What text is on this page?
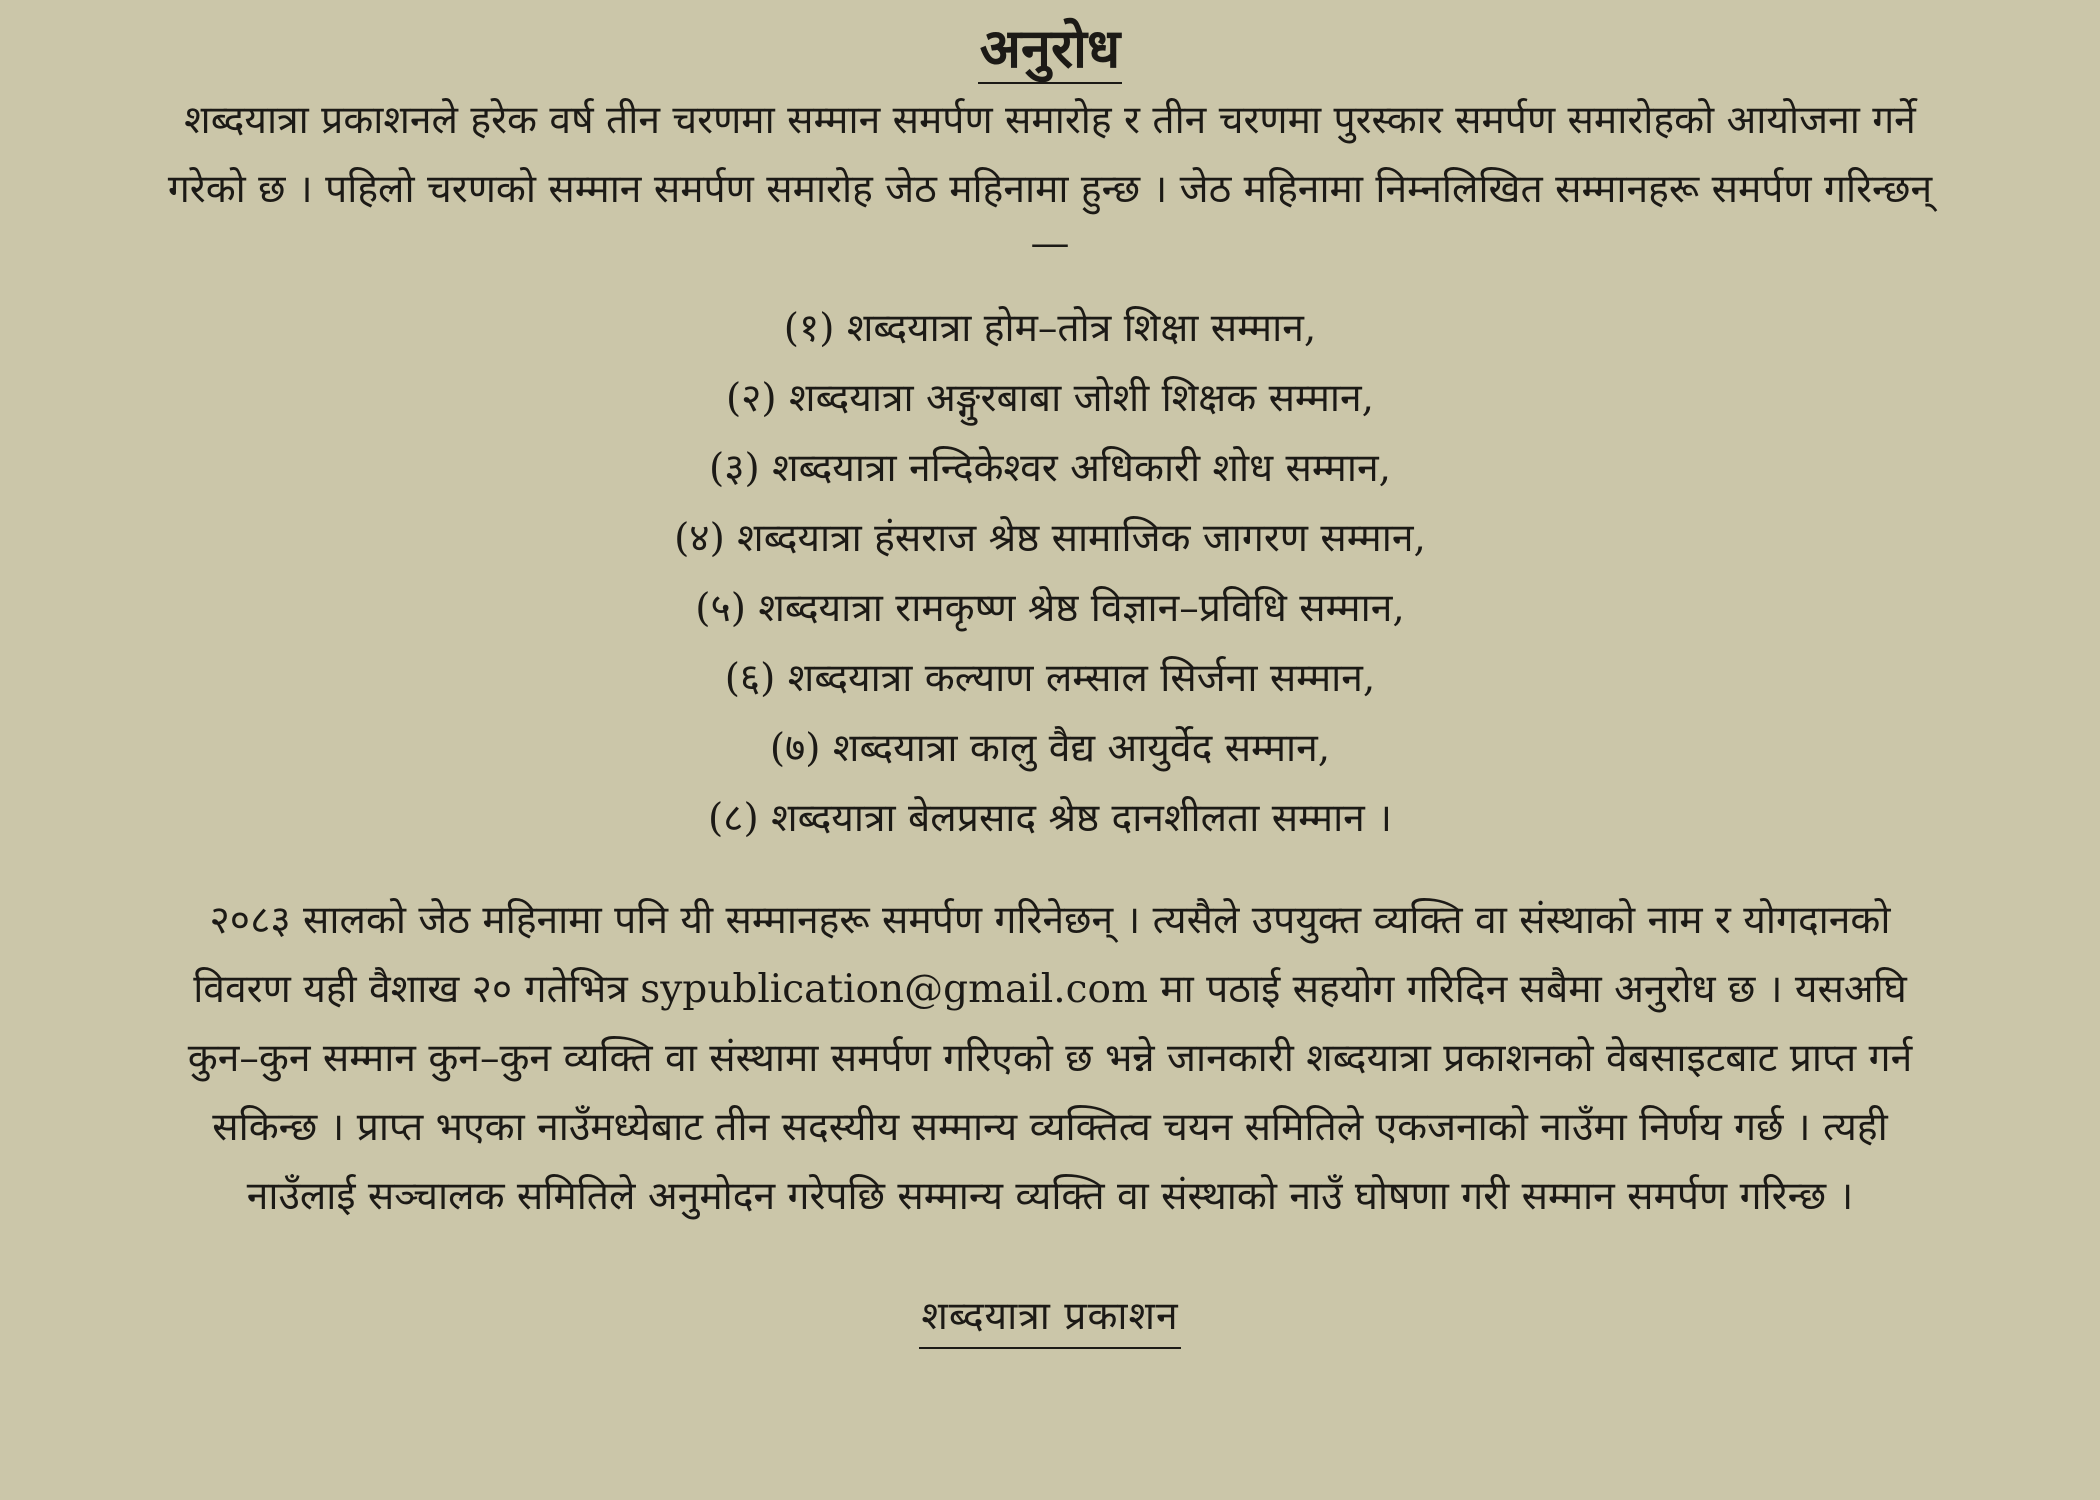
अनुरोध

शब्दयात्रा प्रकाशनले हरेक वर्ष तीन चरणमा सम्मान समर्पण समारोह र तीन चरणमा पुरस्कार समर्पण समारोहको आयोजना गर्ने
गरेको छ । पहिलो चरणको सम्मान समर्पण समारोह जेठ महिनामा हुन्छ । जेठ महिनामा निम्नलिखित सम्मानहरू समर्पण गरिन्छन्

—
(१) शब्दयात्रा होम–तोत्र शिक्षा सम्मान,
(२) शब्दयात्रा अङ्गुरबाबा जोशी शिक्षक सम्मान,
(३) शब्दयात्रा नन्दिकेश्वर अधिकारी शोध सम्मान,
(४) शब्दयात्रा हंसराज श्रेष्ठ सामाजिक जागरण सम्मान,
(५) शब्दयात्रा रामकृष्ण श्रेष्ठ विज्ञान–प्रविधि सम्मान,
(६) शब्दयात्रा कल्याण लम्साल सिर्जना सम्मान,
(७) शब्दयात्रा कालु वैद्य आयुर्वेद सम्मान,
(८) शब्दयात्रा बेलप्रसाद श्रेष्ठ दानशीलता सम्मान ।

२०८३ सालको जेठ महिनामा पनि यी सम्मानहरू समर्पण गरिनेछन् । त्यसैले उपयुक्त व्यक्ति वा संस्थाको नाम र योगदानको
विवरण यही वैशाख २० गतेभित्र sypublication@gmail.com मा पठाई सहयोग गरिदिन सबैमा अनुरोध छ । यसअघि
कुन–कुन सम्मान कुन–कुन व्यक्ति वा संस्थामा समर्पण गरिएको छ भन्ने जानकारी शब्दयात्रा प्रकाशनको वेबसाइटबाट प्राप्त गर्न
सकिन्छ । प्राप्त भएका नाउँमध्येबाट तीन सदस्यीय सम्मान्य व्यक्तित्व चयन समितिले एकजनाको नाउँमा निर्णय गर्छ । त्यही
नाउँलाई सञ्चालक समितिले अनुमोदन गरेपछि सम्मान्य व्यक्ति वा संस्थाको नाउँ घोषणा गरी सम्मान समर्पण गरिन्छ ।

शब्दयात्रा प्रकाशन
